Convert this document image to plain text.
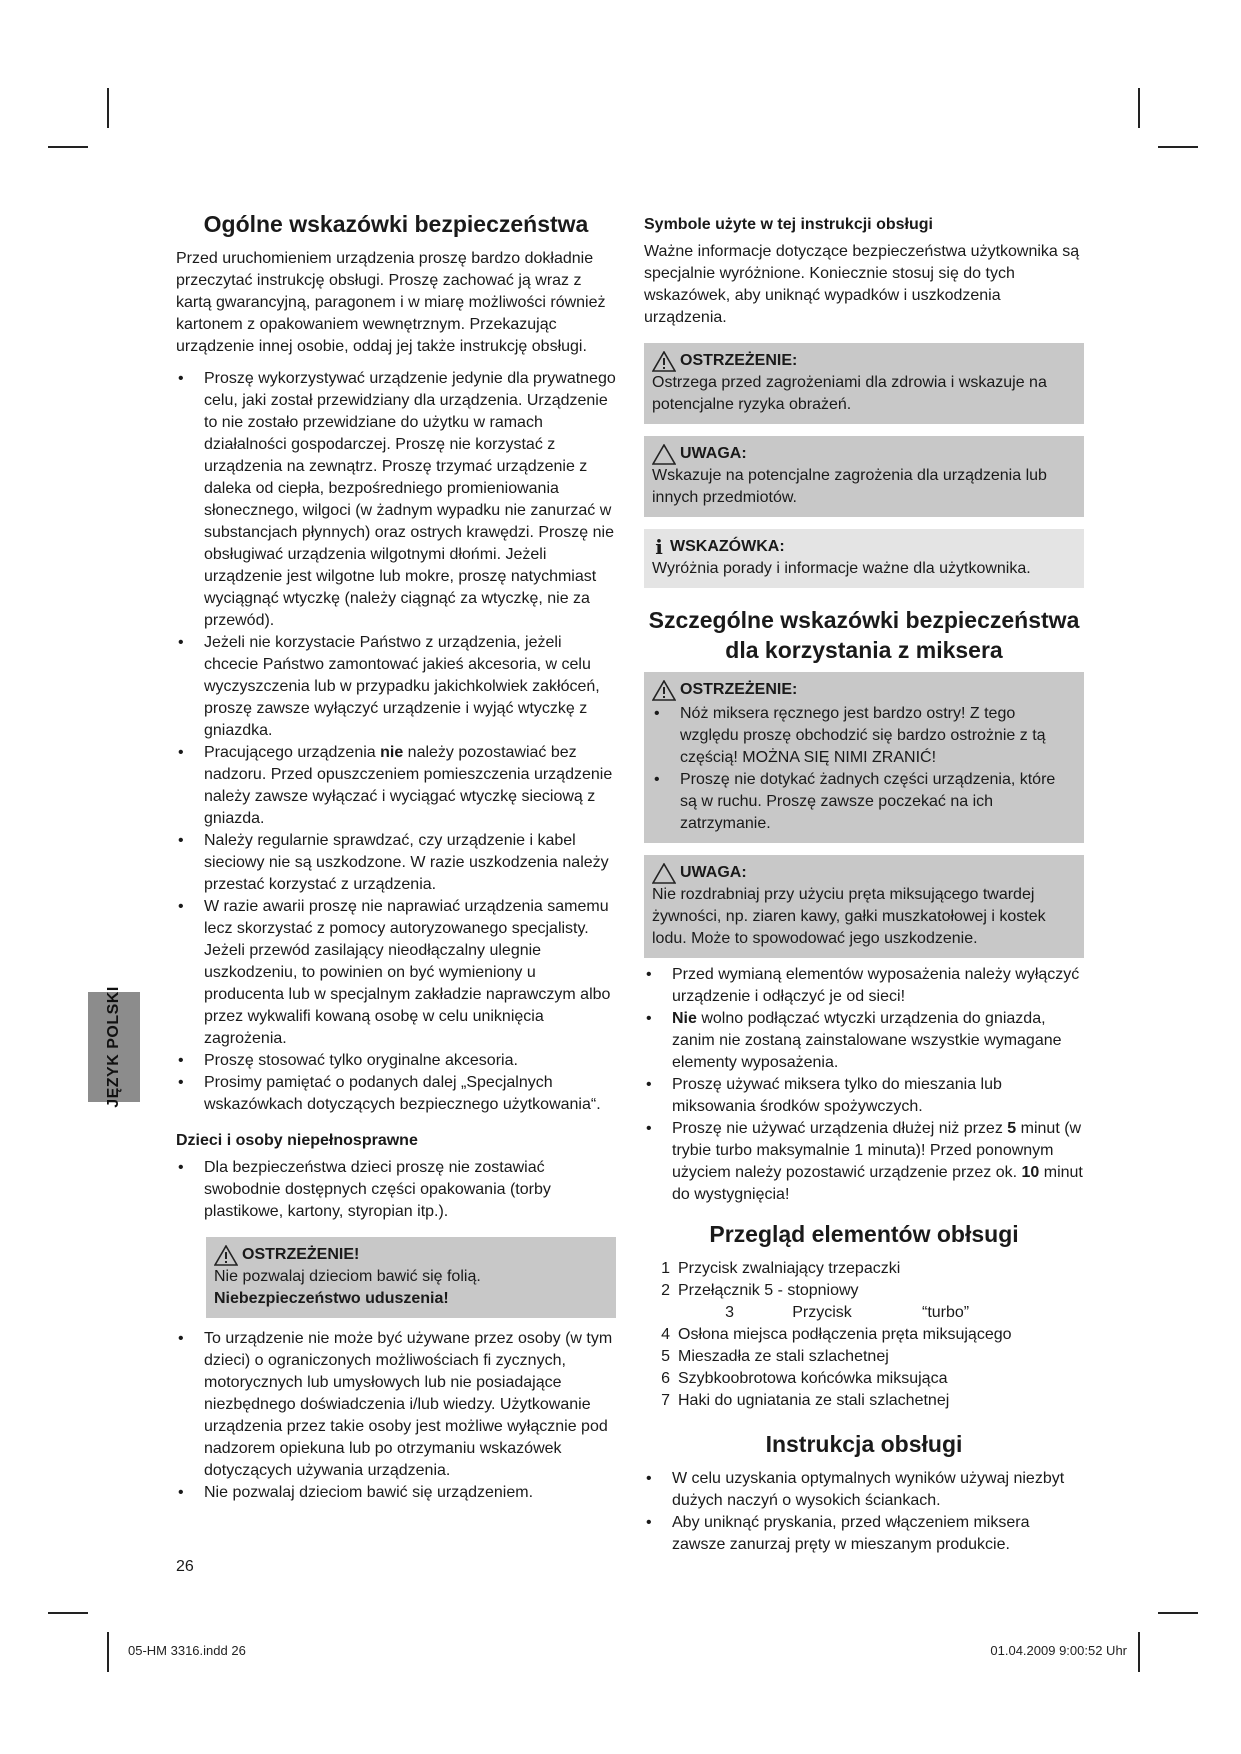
JĘZYK POLSKI
Ogólne wskazówki bezpieczeństwa

Przed uruchomieniem urządzenia proszę bardzo dokładnie przeczytać instrukcję obsługi. Proszę zachować ją wraz z kartą gwarancyjną, paragonem i w miarę możliwości również kartonem z opakowaniem wewnętrznym. Przekazując urządzenie innej osobie, oddaj jej także instrukcję obsługi.

• Proszę wykorzystywać urządzenie jedynie dla prywatnego celu, jaki został przewidziany dla urządzenia. Urządzenie to nie zostało przewidziane do użytku w ramach działalności gospodarczej. Proszę nie korzystać z urządzenia na zewnątrz. Proszę trzymać urządzenie z daleka od ciepła, bezpośredniego promieniowania słonecznego, wilgoci (w żadnym wypadku nie zanurzać w substancjach płynnych) oraz ostrych krawędzi. Proszę nie obsługiwać urządzenia wilgotnymi dłońmi. Jeżeli urządzenie jest wilgotne lub mokre, proszę natychmiast wyciągnąć wtyczkę (należy ciągnąć za wtyczkę, nie za przewód).
• Jeżeli nie korzystacie Państwo z urządzenia, jeżeli chcecie Państwo zamontować jakieś akcesoria, w celu wyczyszczenia lub w przypadku jakichkolwiek zakłóceń, proszę zawsze wyłączyć urządzenie i wyjąć wtyczkę z gniazdka.
• Pracującego urządzenia nie należy pozostawiać bez nadzoru. Przed opuszczeniem pomieszczenia urządzenie należy zawsze wyłączać i wyciągać wtyczkę sieciową z gniazda.
• Należy regularnie sprawdzać, czy urządzenie i kabel sieciowy nie są uszkodzone. W razie uszkodzenia należy przestać korzystać z urządzenia.
• W razie awarii proszę nie naprawiać urządzenia samemu lecz skorzystać z pomocy autoryzowanego specjalisty. Jeżeli przewód zasilający nieodłączalny ulegnie uszkodzeniu, to powinien on być wymieniony u producenta lub w specjalnym zakładzie naprawczym albo przez wykwalifi kowaną osobę w celu uniknięcia zagrożenia.
• Proszę stosować tylko oryginalne akcesoria.
• Prosimy pamiętać o podanych dalej „Specjalnych wskazówkach dotyczących bezpiecznego użytkowania“.
Dzieci i osoby niepełnosprawne
• Dla bezpieczeństwa dzieci proszę nie zostawiać swobodnie dostępnych części opakowania (torby plastikowe, kartony, styropian itp.).
OSTRZEŻENIE!
Nie pozwalaj dzieciom bawić się folią.
Niebezpieczeństwo uduszenia!
• To urządzenie nie może być używane przez osoby (w tym dzieci) o ograniczonych możliwościach fi zycznych, motorycznych lub umysłowych lub nie posiadające niezbędnego doświadczenia i/lub wiedzy. Użytkowanie urządzenia przez takie osoby jest możliwe wyłącznie pod nadzorem opiekuna lub po otrzymaniu wskazówek dotyczących używania urządzenia.
• Nie pozwalaj dzieciom bawić się urządzeniem.
Symbole użyte w tej instrukcji obsługi

Ważne informacje dotyczące bezpieczeństwa użytkownika są specjalnie wyróżnione. Koniecznie stosuj się do tych wskazówek, aby uniknąć wypadków i uszkodzenia urządzenia.

OSTRZEŻENIE:
Ostrzega przed zagrożeniami dla zdrowia i wskazuje na potencjalne ryzyka obrażeń.
UWAGA:
Wskazuje na potencjalne zagrożenia dla urządzenia lub innych przedmiotów.
i WSKAZÓWKA:
Wyróżnia porady i informacje ważne dla użytkownika.
Szczególne wskazówki bezpieczeństwa
dla korzystania z miksera
OSTRZEŻENIE:
• Nóż miksera ręcznego jest bardzo ostry! Z tego względu proszę obchodzić się bardzo ostrożnie z tą częścią! MOŻNA SIĘ NIMI ZRANIĆ!
• Proszę nie dotykać żadnych części urządzenia, które są w ruchu. Proszę zawsze poczekać na ich zatrzymanie.
UWAGA:
Nie rozdrabniaj przy użyciu pręta miksującego twardej żywności, np. ziaren kawy, gałki muszkatołowej i kostek lodu. Może to spowodować jego uszkodzenie.
• Przed wymianą elementów wyposażenia należy wyłączyć urządzenie i odłączyć je od sieci!
• Nie wolno podłączać wtyczki urządzenia do gniazda, zanim nie zostaną zainstalowane wszystkie wymagane elementy wyposażenia.
• Proszę używać miksera tylko do mieszania lub miksowania środków spożywczych.
• Proszę nie używać urządzenia dłużej niż przez 5 minut (w trybie turbo maksymalnie 1 minuta)! Przed ponownym użyciem należy pozostawić urządzenie przez ok. 10 minut do wystygnięcia!
Przegląd elementów obłsugi
1 Przycisk zwalniający trzepaczki
2 Przełącznik 5 - stopniowy
3	Przycisk	“turbo”
4 Osłona miejsca podłączenia pręta miksującego
5 Mieszadła ze stali szlachetnej
6 Szybkoobrotowa końcówka miksująca
7 Haki do ugniatania ze stali szlachetnej
Instrukcja obsługi
• W celu uzyskania optymalnych wyników używaj niezbyt dużych naczyń o wysokich ściankach.
• Aby uniknąć pryskania, przed włączeniem miksera zawsze zanurzaj pręty w mieszanym produkcie.
26
05-HM 3316.indd 26	01.04.2009 9:00:52 Uhr
